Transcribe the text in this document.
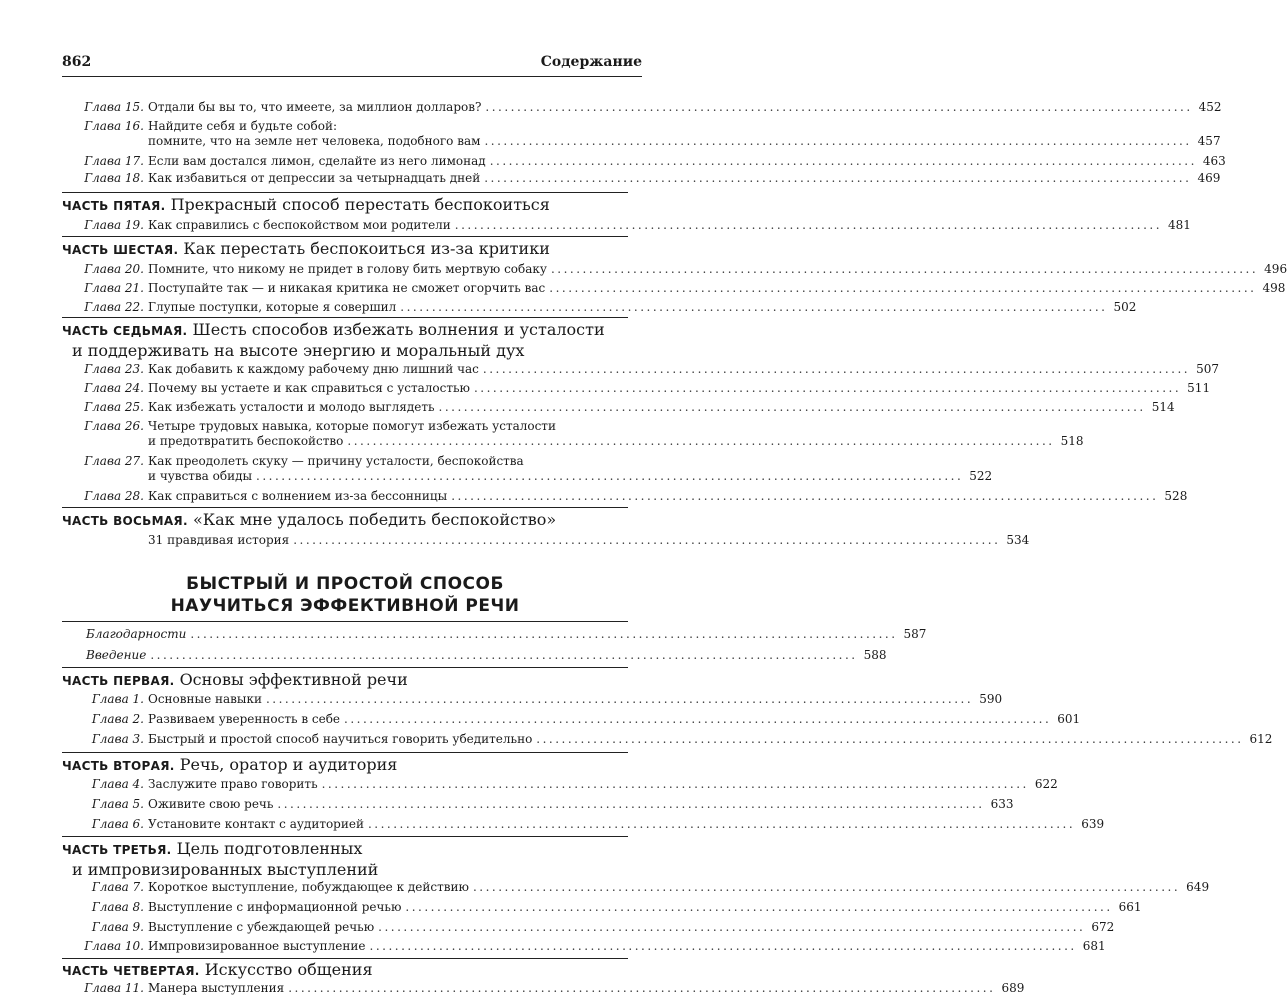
862	Содержание
Глава 15. Отдали бы вы то, что имеете, за миллион долларов? ................................................................................................................ 452
Глава 16. Найдите себя и будьте собой:
помните, что на земле нет человека, подобного вам ................................................................................................................ 457
Глава 17. Если вам достался лимон, сделайте из него лимонад ................................................................................................................ 463
Глава 18. Как избавиться от депрессии за четырнадцать дней ................................................................................................................ 469
ЧАСТЬ ПЯТАЯ. Прекрасный способ перестать беспокоиться
Глава 19. Как справились с беспокойством мои родители ................................................................................................................ 481
ЧАСТЬ ШЕСТАЯ. Как перестать беспокоиться из-за критики
Глава 20. Помните, что никому не придет в голову бить мертвую собаку ................................................................................................................ 496
Глава 21. Поступайте так — и никакая критика не сможет огорчить вас ................................................................................................................ 498
Глава 22. Глупые поступки, которые я совершил ................................................................................................................ 502
ЧАСТЬ СЕДЬМАЯ. Шесть способов избежать волнения и усталости
и поддерживать на высоте энергию и моральный дух
Глава 23. Как добавить к каждому рабочему дню лишний час ................................................................................................................ 507
Глава 24. Почему вы устаете и как справиться с усталостью ................................................................................................................ 511
Глава 25. Как избежать усталости и молодо выглядеть ................................................................................................................ 514
Глава 26. Четыре трудовых навыка, которые помогут избежать усталости
и предотвратить беспокойство ................................................................................................................ 518
Глава 27. Как преодолеть скуку — причину усталости, беспокойства
и чувства обиды ................................................................................................................ 522
Глава 28. Как справиться с волнением из-за бессонницы ................................................................................................................ 528
ЧАСТЬ ВОСЬМАЯ. «Как мне удалось победить беспокойство»
31 правдивая история ................................................................................................................ 534
БЫСТРЫЙ И ПРОСТОЙ СПОСОБ
НАУЧИТЬСЯ ЭФФЕКТИВНОЙ РЕЧИ
Благодарности ................................................................................................................ 587
Введение ................................................................................................................ 588
ЧАСТЬ ПЕРВАЯ. Основы эффективной речи
Глава 1. Основные навыки ................................................................................................................ 590
Глава 2. Развиваем уверенность в себе ................................................................................................................ 601
Глава 3. Быстрый и простой способ научиться говорить убедительно ................................................................................................................ 612
ЧАСТЬ ВТОРАЯ. Речь, оратор и аудитория
Глава 4. Заслужите право говорить ................................................................................................................ 622
Глава 5. Оживите свою речь ................................................................................................................ 633
Глава 6. Установите контакт с аудиторией ................................................................................................................ 639
ЧАСТЬ ТРЕТЬЯ. Цель подготовленных
и импровизированных выступлений
Глава 7. Короткое выступление, побуждающее к действию ................................................................................................................ 649
Глава 8. Выступление с информационной речью ................................................................................................................ 661
Глава 9. Выступление с убеждающей речью ................................................................................................................ 672
Глава 10. Импровизированное выступление ................................................................................................................ 681
ЧАСТЬ ЧЕТВЕРТАЯ. Искусство общения
Глава 11. Манера выступления ................................................................................................................ 689
